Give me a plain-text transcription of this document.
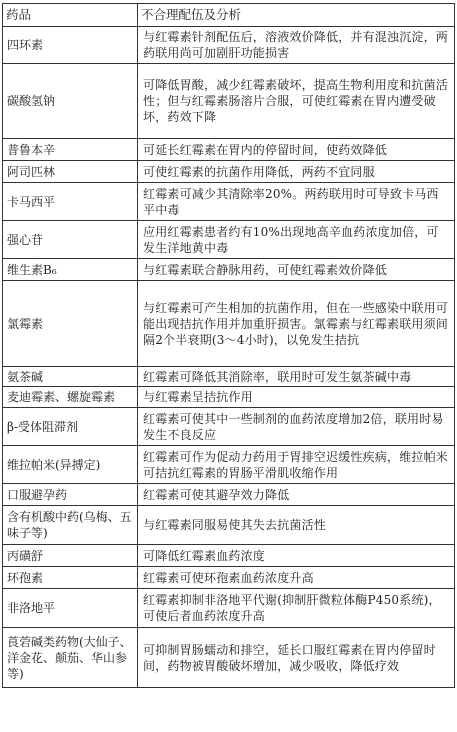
药品	不合理配伍及分析
四环素	与红霉素针剂配伍后，溶液效价降低，并有混浊沉淀，两药联用尚可加剧肝功能损害
碳酸氢钠	可降低胃酸，减少红霉素破坏，提高生物利用度和抗菌活性；但与红霉素肠溶片合服，可使红霉素在胃内遭受破坏，药效下降
普鲁本辛	可延长红霉素在胃内的停留时间，使药效降低
阿司匹林	可使红霉素的抗菌作用降低，两药不宜同服
卡马西平	红霉素可减少其清除率20%。两药联用时可导致卡马西平中毒
强心苷	应用红霉素患者约有10%出现地高辛血药浓度加倍，可发生洋地黄中毒
维生素B₆	与红霉素联合静脉用药，可使红霉素效价降低
氯霉素	与红霉素可产生相加的抗菌作用，但在一些感染中联用可能出现拮抗作用并加重肝损害。氯霉素与红霉素联用须间隔2个半衰期(3～4小时)，以免发生拮抗
氨茶碱	红霉素可降低其消除率，联用时可发生氨茶碱中毒
麦迪霉素、螺旋霉素	与红霉素呈拮抗作用
β-受体阻滞剂	红霉素可使其中一些制剂的血药浓度增加2倍，联用时易发生不良反应
维拉帕米(异搏定)	红霉素可作为促动力药用于胃排空迟缓性疾病，维拉帕米可拮抗红霉素的胃肠平滑肌收缩作用
口服避孕药	红霉素可使其避孕效力降低
含有机酸中药(乌梅、五味子等)	与红霉素同服易使其失去抗菌活性
丙磺舒	可降低红霉素血药浓度
环孢素	红霉素可使环孢素血药浓度升高
非洛地平	红霉素抑制非洛地平代谢(抑制肝微粒体酶P450系统)，可使后者血药浓度升高
莨菪碱类药物(大仙子、洋金花、颠茄、华山参等)	可抑制胃肠蠕动和排空，延长口服红霉素在胃内停留时间，药物被胃酸破坏增加，减少吸收，降低疗效
